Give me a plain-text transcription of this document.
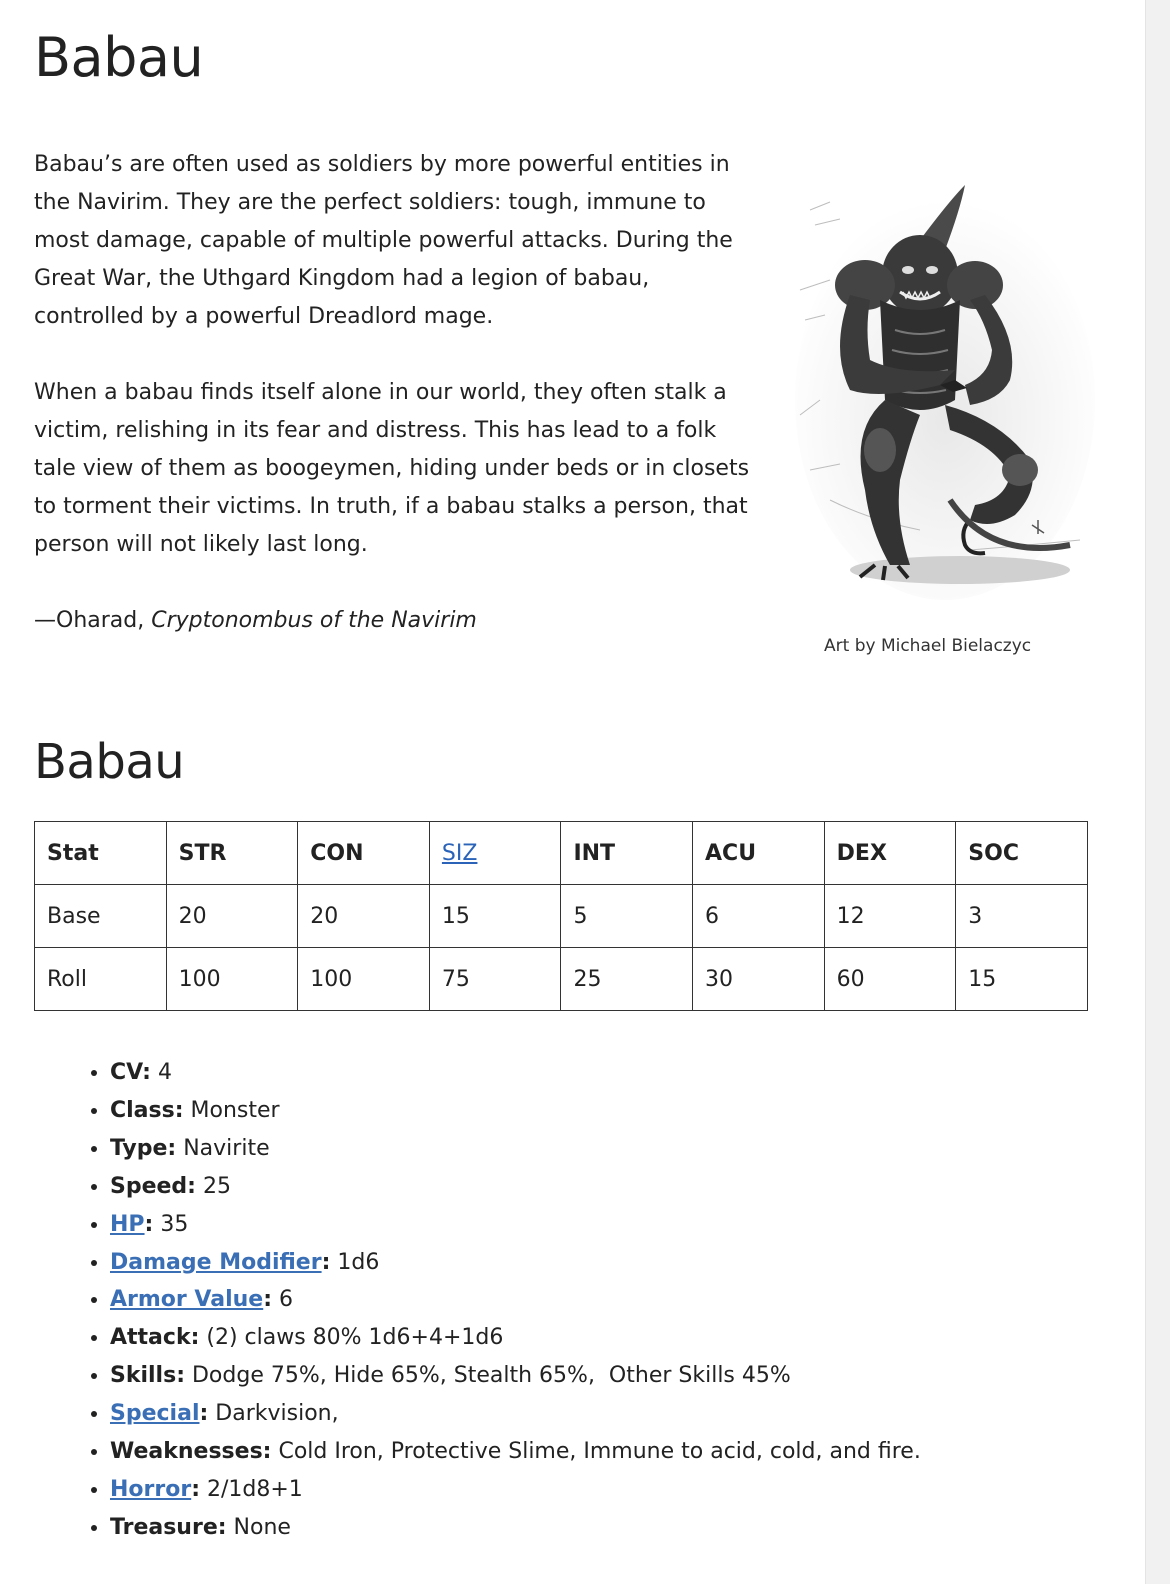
Babau

Babau’s are often used as soldiers by more powerful entities in the Navirim. They are the perfect soldiers: tough, immune to most damage, capable of multiple powerful attacks. During the Great War, the Uthgard Kingdom had a legion of babau, controlled by a powerful Dreadlord mage.

When a babau finds itself alone in our world, they often stalk a victim, relishing in its fear and distress. This has lead to a folk tale view of them as boogeymen, hiding under beds or in closets to torment their victims. In truth, if a babau stalks a person, that person will not likely last long.

—Oharad, Cryptonombus of the Navirim

Art by Michael Bielaczyc
Babau
Stat	STR	CON	SIZ	INT	ACU	DEX	SOC
Base	20	20	15	5	6	12	3
Roll	100	100	75	25	30	60	15
• CV: 4
• Class: Monster
• Type: Navirite
• Speed: 25
• HP: 35
• Damage Modifier: 1d6
• Armor Value: 6
• Attack: (2) claws 80% 1d6+4+1d6
• Skills: Dodge 75%, Hide 65%, Stealth 65%,  Other Skills 45%
• Special: Darkvision,
• Weaknesses: Cold Iron, Protective Slime, Immune to acid, cold, and fire.
• Horror: 2/1d8+1
• Treasure: None
